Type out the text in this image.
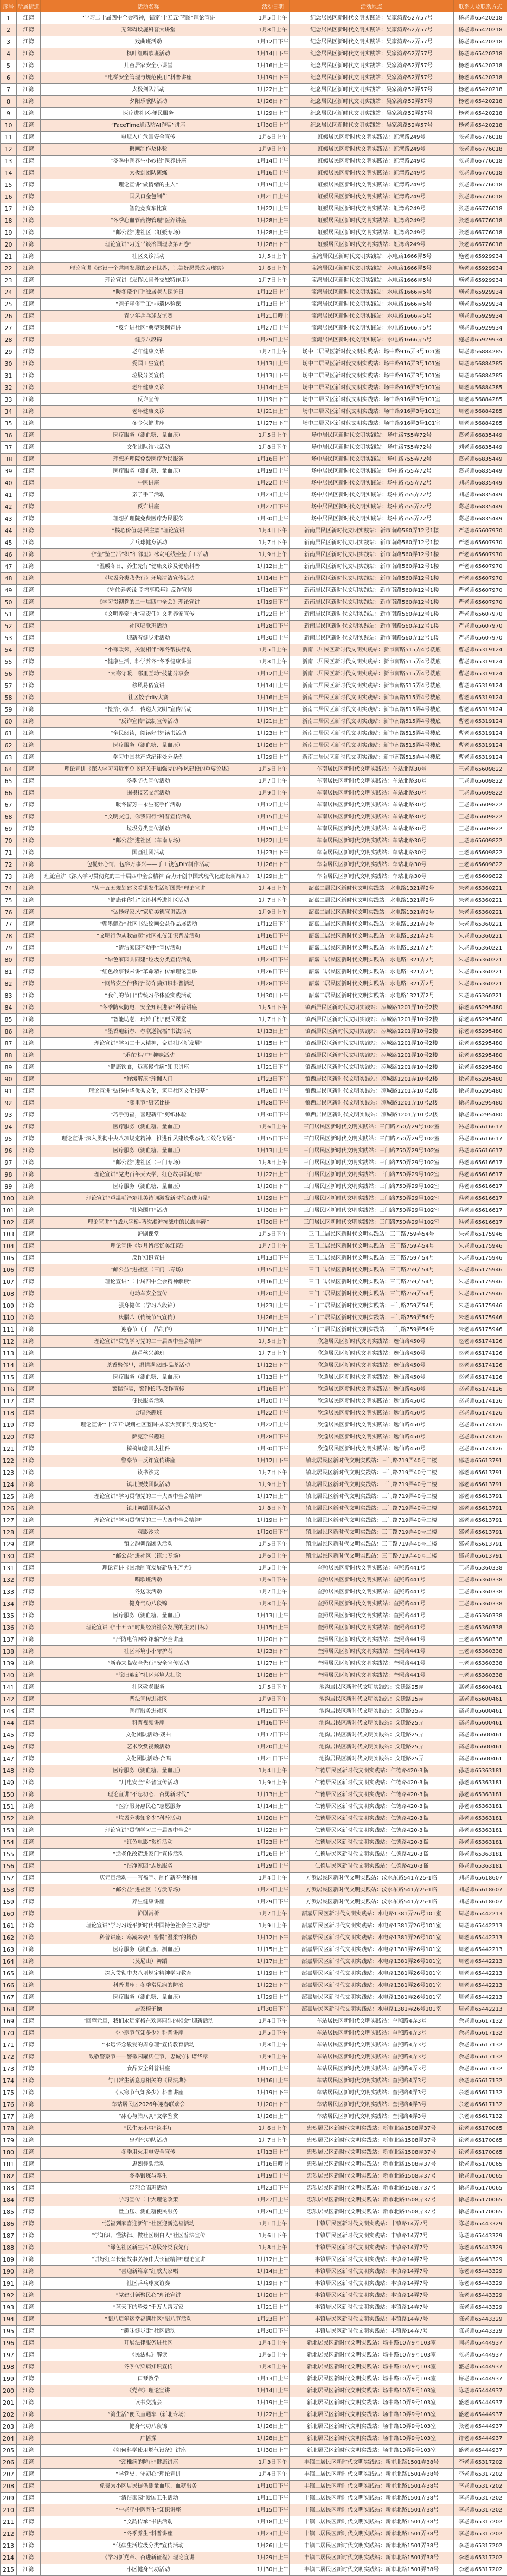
序号	所属街道	活动名称	活动日期	活动地点	联系人及联系方式
1	江湾	“学习二十届四中全会精神，锚定‘十五五’蓝图”理论宣讲	1月5日上午	纪念居民区新时代文明实践站：吴家湾路52弄57号	杨老师65420218
2	江湾	无障碍设施科普大讲堂	1月8日上午	纪念居民区新时代文明实践站：吴家湾路52弄57号	杨老师65420218
3	江湾	戏曲班活动	1月12日下午	纪念居民区新时代文明实践站：吴家湾路52弄57号	杨老师65420218
4	江湾	枫叶红唱歌班活动	1月14日下午	纪念居民区新时代文明实践站：吴家湾路52弄57号	杨老师65420218
5	江湾	儿童居家安全小课堂	1月16日上午	纪念居民区新时代文明实践站：吴家湾路52弄57号	杨老师65420218
6	江湾	“电梯安全管理与规范使用”科普讲座	1月19日下午	纪念居民区新时代文明实践站：吴家湾路52弄57号	杨老师65420218
7	江湾	太极剑队活动	1月22日上午	纪念居民区新时代文明实践站：吴家湾路52弄57号	杨老师65420218
8	江湾	夕阳乐歌队活动	1月26日下午	纪念居民区新时代文明实践站：吴家湾路52弄57号	杨老师65420218
9	江湾	医疗进社区-便民服务	1月29日上午	纪念居民区新时代文明实践站：吴家湾路52弄57号	杨老师65420218
10	江湾	“FaceTime通话防AI诈骗”讲座	1月30日上午	纪念居民区新时代文明实践站：吴家湾路52弄57号	杨老师65420218
11	江湾	电瓶入户危害安全宣传	1月6日上午	虹媛居民区新时代文明实践站：虹湾路249号	张老师66776018
12	江湾	糖画制作及体验	1月9日上午	虹媛居民区新时代文明实践站：虹湾路249号	张老师66776018
13	江湾	“冬季中医养生小妙招”医养讲座	1月14日上午	虹媛居民区新时代文明实践站：虹湾路249号	张老师66776018
14	江湾	太极剑团队演练	1月16日上午	虹媛居民区新时代文明实践站：虹湾路249号	张老师66776018
15	江湾	理论宣讲“做情绪的主人”	1月19日上午	虹媛居民区新时代文明实践站：虹湾路249号	张老师66776018
16	江湾	国风口金包制作	1月21日上午	虹媛居民区新时代文明实践站：虹湾路249号	张老师66776018
17	江湾	智能竞赛车比赛	1月22日上午	虹媛居民区新时代文明实践站：虹湾路249号	张老师66776018
18	江湾	“冬季心血管药物管理”医养讲座	1月28日上午	虹媛居民区新时代文明实践站：虹湾路249号	张老师66776018
19	江湾	“邮公益”进社区（虹媛专场）	1月28日上午	虹媛居民区新时代文明实践站：虹湾路249号	张老师66776018
20	江湾	理论宣讲“习近平谈治国理政第五卷”	1月28日下午	虹媛居民区新时代文明实践站：虹湾路249号	张老师66776018
21	江湾	社区义诊活动	1月5日上午	宝鸿居民区新时代文明实践站：水电路1666弄5号	施老师65929934
22	江湾	理论宣讲《建设一个共同发展的公正世界，让美好愿景成为现实》	1月6日上午	宝鸿居民区新时代文明实践站：水电路1666弄5号	施老师65929934
23	江湾	理论宣讲《发挥民间外交独特作用》	1月7日上午	宝鸿居民区新时代文明实践站：水电路1666弄5号	施老师65929934
24	江湾	“暖冬敲个门”独居老人探访日	1月12日上午	宝鸿居民区新时代文明实践站：水电路1666弄5号	施老师65929934
25	江湾	“亲子年俗手工”非遗体验课	1月13日上午	宝鸿居民区新时代文明实践站：水电路1666弄5号	施老师65929934
26	江湾	青少年乒乓球友谊赛	1月21日晚上	宝鸿居民区新时代文明实践站：水电路1666弄5号	施老师65929934
27	江湾	“反诈进社区”典型案例宣讲	1月27日上午	宝鸿居民区新时代文明实践站：水电路1666弄5号	施老师65929934
28	江湾	健身八段锦	1月29日上午	宝鸿居民区新时代文明实践站：水电路1666弄5号	施老师65929934
29	江湾	老年健康义诊	1月7日上午	场中二居民区新时代文明实践站：场中路916弄3号101室	周老师56884285
30	江湾	爱国卫生宣传	1月13日上午	场中二居民区新时代文明实践站：场中路916弄3号101室	周老师56884285
31	江湾	垃圾分类宣传	1月13日下午	场中二居民区新时代文明实践站：场中路916弄3号101室	周老师56884285
32	江湾	老年健康义诊	1月14日上午	场中二居民区新时代文明实践站：场中路916弄3号101室	周老师56884285
33	江湾	反诈宣传	1月19日下午	场中二居民区新时代文明实践站：场中路916弄3号101室	周老师56884285
34	江湾	老年健康义诊	1月21日上午	场中二居民区新时代文明实践站：场中路916弄3号101室	周老师56884285
35	江湾	冬令保健讲座	1月27日下午	场中二居民区新时代文明实践站：场中路916弄3号101室	周老师56884285
36	江湾	医疗服务（测血糖、量血压）	1月5日上午	场中居民区新时代文明实践站：场中路755弄72号	葛老师66835449
37	江湾	文化团队结业活动	1月8日下午	场中居民区新时代文明实践站：场中路755弄72号	刘老师66835449
38	江湾	理想护理院免费医疗为民服务	1月16日上午	场中居民区新时代文明实践站：场中路755弄72号	葛老师66835449
39	江湾	医疗服务（测血糖、量血压）	1月19日上午	场中居民区新时代文明实践站：场中路755弄72号	葛老师66835449
40	江湾	中医讲座	1月22日上午	场中居民区新时代文明实践站：场中路755弄72号	刘老师66835449
41	江湾	亲子手工活动	1月23日上午	场中居民区新时代文明实践站：场中路755弄72号	刘老师66835449
42	江湾	反诈讲座	1月27日下午	场中居民区新时代文明实践站：场中路755弄72号	葛老师66835449
43	江湾	理想护理院免费医疗为民服务	1月30日上午	场中居民区新时代文明实践站：场中路755弄72号	葛老师66835449
44	江湾	“核心价值观-民主篇”理论宣讲	1月4日下午	新南居民区新时代文明实践站：新市南路560弄12号1楼	严老师65607970
45	江湾	乒乓球健身活动	1月7日下午	新南居民区新时代文明实践站：新市南路560弄12号1楼	严老师65607970
46	江湾	《“垫”坠生活“织”汇邻里》冰岛毛线坐垫手工活动	1月9日上午	新南居民区新时代文明实践站：新市南路560弄12号1楼	严老师65607970
47	江湾	“温暖冬日，养生先行”健康义诊及健康科普	1月12日上午	新南居民区新时代文明实践站：新市南路560弄12号1楼	严老师65607970
48	江湾	《垃圾分类我先行》环境清洁宣传活动	1月14日上午	新南居民区新时代文明实践站：新市南路560弄12号1楼	严老师65607970
49	江湾	《守住养老钱 幸福享晚年》反诈宣传	1月16日下午	新南居民区新时代文明实践站：新市南路560弄12号1楼	严老师65607970
50	江湾	《学习贯彻党的二十届四中全会》理论宣讲	1月19日下午	新南居民区新时代文明实践站：新市南路560弄12号1楼	严老师65607970
51	江湾	《文明养宠“典”亮责任》文明养宠宣传	1月22日上午	新南居民区新时代文明实践站：新市南路560弄12号1楼	严老师65607970
52	江湾	社区唱歌班活动	1月28日下午	新南居民区新时代文明实践站：新市南路560弄12号1楼	严老师65607970
53	江湾	迎新春健步走活动	1月30日上午	新南居民区新时代文明实践站：新市南路560弄12号1楼	严老师65607970
54	江湾	“小寒暖邻，关爱相伴”寒冬帮扶行动	1月5日上午	新南二居民区新时代文明实践站：新市南路515弄4号楼底	曹老师65319124
55	江湾	“健康生活，科学养冬”冬季健康讲堂	1月8日上午	新南二居民区新时代文明实践站：新市南路515弄4号楼底	曹老师65319124
56	江湾	“大寒守暖，邻里互动”技能分享会	1月12日上午	新南二居民区新时代文明实践站：新市南路515弄4号楼底	曹老师65319124
57	江湾	移风易俗宣讲	1月14日上午	新南二居民区新时代文明实践站：新市南路515弄4号楼底	曹老师65319124
58	江湾	社区饺子diy大赛	1月16日上午	新南二居民区新时代文明实践站：新市南路515弄4号楼底	曹老师65319124
59	江湾	“捡拾小烟头，传递大文明”宣传活动	1月19日上午	新南二居民区新时代文明实践站：新市南路515弄4号楼底	曹老师65319124
60	江湾	“反诈宣传”法制宣传活动	1月21日上午	新南二居民区新时代文明实践站：新市南路515弄4号楼底	曹老师65319124
61	江湾	“全民阅读，阅读好书”读书活动	1月23日上午	新南二居民区新时代文明实践站：新市南路515弄4号楼底	曹老师65319124
62	江湾	医疗服务（测血糖、量血压）	1月26日上午	新南二居民区新时代文明实践站：新市南路515弄4号楼底	曹老师65319124
63	江湾	学习中国共产党纪律处分条例	1月29日上午	新南二居民区新时代文明实践站：新市南路515弄4号楼底	曹老师65319124
64	江湾	理论宣讲《深入学习习近平总书记关于加强党的作风建设的重要论述》	1月5日上午	车南居民区新时代文明实践站：车站北路30号	王老师65609822
65	江湾	冬季防火宣传活动	1月7日上午	车南居民区新时代文明实践站：车站北路30号	王老师65609822
66	江湾	围棋技艺交流活动	1月9日上午	车南居民区新时代文明实践站：车站北路30号	王老师65609822
67	江湾	暖冬留芳—永生花手作活动	1月12日上午	车南居民区新时代文明实践站：车站北路30号	王老师65609822
68	江湾	“文明交通，你我同行”科普宣传活动	1月15日上午	车南居民区新时代文明实践站：车站北路30号	王老师65609822
69	江湾	垃圾分类宣传活动	1月19日上午	车南居民区新时代文明实践站：车站北路30号	王老师65609822
70	江湾	“邮公益”进社区（车南专场）	1月22日上午	车南居民区新时代文明实践站：车站北路30号	王老师65609822
71	江湾	国画社团活动	1月23日下午	车南居民区新时代文明实践站：车站北路30号	王老师65609822
72	江湾	包揽好心情，包容万事兴——手工钱包DIY制作活动	1月26日下午	车南居民区新时代文明实践站：车站北路30号	王老师65609822
73	江湾	理论宣讲《深入学习贯彻党的二十届四中全会精神 奋力开创中国式现代化建设新局面》	1月29日上午	车南居民区新时代文明实践站：车站北路30号	王老师65609822
74	江湾	“从十五五规划建议看银发生活新图景”理论宣讲	1月4日上午	韶嘉二居民区新时代文明实践站：水电路1321弄2号	朱老师65360221
75	江湾	“健康伴你行”义诊科普进社区活动	1月7日下午	韶嘉二居民区新时代文明实践站：水电路1321弄2号	朱老师65360221
76	江湾	“弘扬好家风”家庭美德宣讲活动	1月9日上午	韶嘉二居民区新时代文明实践站：水电路1321弄2号	朱老师65360221
77	江湾	“翰墨飘香”社区书法绘画公益作品展活动	1月12日下午	韶嘉二居民区新时代文明实践站：水电路1321弄2号	朱老师65360221
78	江湾	“文明行为从我做起”社区礼仪知识普及活动	1月16日下午	韶嘉二居民区新时代文明实践站：水电路1321弄2号	朱老师65360221
79	江湾	“清洁家园齐动手”宣传活动	1月20日上午	韶嘉二居民区新时代文明实践站：水电路1321弄2号	朱老师65360221
80	江湾	“绿色家园共同建”垃圾分类宣传活动	1月23日下午	韶嘉二居民区新时代文明实践站：水电路1321弄2号	朱老师65360221
81	江湾	“红色故事我来讲”革命精神传承理论宣讲	1月26日下午	韶嘉二居民区新时代文明实践站：水电路1321弄2号	朱老师65360221
82	江湾	“网络安全伴我行”防诈骗知识科普活动	1月28日下午	韶嘉二居民区新时代文明实践站：水电路1321弄2号	朱老师65360221
83	江湾	“我们的节日”传统习俗体验实践活动	1月30日下午	韶嘉二居民区新时代文明实践站：水电路1321弄2号	朱老师65360221
84	江湾	“冬季防火防电，安全知识进家”科普讲座	1月5日下午	镇西居民区新时代文明实践站：凉城路1201弄10号2楼	徐老师65295480
85	江湾	“智能助老，玩转手机”便民课堂	1月7日下午	镇西居民区新时代文明实践站：凉城路1201弄10号2楼	徐老师65295480
86	江湾	“墨香迎新春，春联送祝福”书法活动	1月13日上午	镇西居民区新时代文明实践站：凉城路1201弄10号2楼	徐老师65295480
87	江湾	理论宣讲“学习二十大精神，奋进社区新发展”	1月15日上午	镇西居民区新时代文明实践站：凉城路1201弄10号2楼	徐老师65295480
88	江湾	“乐在‘棋’中”趣味活动	1月19日上午	镇西居民区新时代文明实践站：凉城路1201弄10号2楼	徐老师65295480
89	江湾	“健康饮食，远离慢性病”知识讲座	1月21日下午	镇西居民区新时代文明实践站：凉城路1201弄10号2楼	徐老师65295480
90	江湾	“舒缓解压”瑜伽入门	1月23日下午	镇西居民区新时代文明实践站：凉城路1201弄10号2楼	徐老师65295480
91	江湾	理论宣讲“弘扬中华优秀文化，筑牢社区文化根基”	1月26日上午	镇西居民区新时代文明实践站：凉城路1201弄10号2楼	徐老师65295480
92	江湾	“邻里节”厨艺比拼	1月28日下午	镇西居民区新时代文明实践站：凉城路1201弄10号2楼	徐老师65295480
93	江湾	“巧手剪福，喜迎新年”剪纸体验	1月30日下午	镇西居民区新时代文明实践站：凉城路1201弄10号2楼	徐老师65295480
94	江湾	医疗服务（测血糖、量血压）	1月6日上午	三门居民区新时代文明实践站：三门路750弄29号102室	冯老师65616617
95	江湾	理论宣讲“深入贯彻中央八项规定精神，推进作风建设常态化长效化专题”	1月15日下午	三门居民区新时代文明实践站：三门路750弄29号102室	冯老师65616617
96	江湾	医疗服务（测血糖、量血压）	1月13日上午	三门居民区新时代文明实践站：三门路750弄29号102室	冯老师65616617
97	江湾	“邮公益”进社区（三门专场）	1月8日上午	三门居民区新时代文明实践站：三门路750弄29号102室	冯老师65616617
98	江湾	理论宣讲“党史百年天天学，红色故事润心扉”	1月22日上午	三门居民区新时代文明实践站：三门路750弄29号102室	冯老师65616617
99	江湾	医疗服务（测血糖、量血压）	1月20日下午	三门居民区新时代文明实践站：三门路750弄29号102室	冯老师65616617
100	江湾	理论宣讲“重温毛泽东壮美诗词激发新时代奋进力量”	1月29日上午	三门居民区新时代文明实践站：三门路750弄29号102室	冯老师65616617
101	江湾	“扎染围巾”活动	1月30日上午	三门居民区新时代文明实践站：三门路750弄29号102室	冯老师65616617
102	江湾	理论宣讲“血战八字桥-两次淞沪抗战中的民族丰碑”	1月30日上午	三门居民区新时代文明实践站：三门路750弄29号102室	冯老师65616617
103	江湾	沪剧课堂	1月5日下午	三门二居民区新时代文明实践站：三门路759弄54号	朱老师65175946
104	江湾	理论宣讲《岁月留痕忆美江湾》	1月7日上午	三门二居民区新时代文明实践站：三门路759弄54号	朱老师65175946
105	江湾	反诈知识宣讲	1月13日下午	三门二居民区新时代文明实践站：三门路759弄54号	朱老师65175946
106	江湾	“邮公益”进社区（三门二专场）	1月15日上午	三门二居民区新时代文明实践站：三门路759弄54号	朱老师65175946
107	江湾	理论宣讲“二十届四中全会精神解读”	1月16日上午	三门二居民区新时代文明实践站：三门路759弄54号	朱老师65175946
108	江湾	电动车安全宣传	1月20日上午	三门二居民区新时代文明实践站：三门路759弄54号	朱老师65175946
109	江湾	强身健体（学习八段锦）	1月23日上午	三门二居民区新时代文明实践站：三门路759弄54号	朱老师65175946
110	江湾	庆腊八（传统节气宣传）	1月26日上午	三门二居民区新时代文明实践站：三门路759弄54号	朱老师65175946
111	江湾	迎春节（手工品制作）	1月30日上午	三门二居民区新时代文明实践站：三门路759弄54号	朱老师65175946
112	江湾	理论宣讲“贯彻学习党的二十届四中全会精神”	1月5日上午	欣逸居民区新时代文明实践站：逸仙路450号	赵老师65174126
113	江湾	葫芦丝兴趣班	1月7日上午	欣逸居民区新时代文明实践站：逸仙路450号	赵老师65174126
114	江湾	茶香聚邻里，温情满家园-品茶活动	1月12日下午	欣逸居民区新时代文明实践站：逸仙路450号	赵老师65174126
115	江湾	医疗服务（测血糖、量血压）	1月13日上午	欣逸居民区新时代文明实践站：逸仙路450号	赵老师65174126
116	江湾	警惕诈骗，警钟长鸣-反诈宣传	1月16日上午	欣逸居民区新时代文明实践站：逸仙路450号	赵老师65174126
117	江湾	便民服务活动	1月20日上午	欣逸居民区新时代文明实践站：逸仙路450号	赵老师65174126
118	江湾	合唱兴趣班	1月22日上午	欣逸居民区新时代文明实践站：逸仙路450号	赵老师65174126
119	江湾	理论宣讲“‘十五五’规划社区蓝图-从宏大叙事到身边变化”	1月22日上午	欣逸居民区新时代文明实践站：逸仙路450号	赵老师65174126
120	江湾	萨克斯兴趣班	1月28日下午	欣逸居民区新时代文明实践站：逸仙路450号	赵老师65174126
121	江湾	椅椅加意真皮挂件	1月30日下午	欣逸居民区新时代文明实践站：逸仙路450号	赵老师65174126
122	江湾	警察节—反诈宣传讲座	1月12日下午	镇北居民区新时代文明实践站：三门路719弄40号二楼	邵老师65613791
123	江湾	读书沙龙	1月7日下午	镇北居民区新时代文明实践站：三门路719弄40号二楼	邵老师65613791
124	江湾	镇北腰鼓团队活动	1月9日上午	镇北居民区新时代文明实践站：三门路719弄40号二楼	邵老师65613791
125	江湾	理论宣讲“学习贯彻党的二十大四中全会精神”	1月17日上午	镇北居民区新时代文明实践站：三门路719弄40号二楼	邵老师65613791
126	江湾	镇北舞蹈团队活动	1月8日下午	镇北居民区新时代文明实践站：三门路719弄40号二楼	邵老师65613791
127	江湾	理论宣讲“学习贯彻党的二十大四中全会精神”	1月19日上午	镇北居民区新时代文明实践站：三门路719弄40号二楼	邵老师65613791
128	江湾	观影沙龙	1月20日下午	镇北居民区新时代文明实践站：三门路719弄40号二楼	邵老师65613791
129	江湾	镇之韵舞蹈团队活动	1月5日下午	镇北居民区新时代文明实践站：三门路719弄40号二楼	邵老师65613791
130	江湾	“邮公益”进社区（镇北专场）	1月6日上午	镇北居民区新时代文明实践站：三门路719弄40号二楼	邵老师65613791
131	江湾	理论宣讲《因地制宜发展新质生产力》	1月5日上午	奎照居民区新时代文明实践站：奎照路441号	王老师65360338
132	江湾	唱歌班活动	1月6日下午	奎照居民区新时代文明实践站：奎照路441号	王老师65360338
133	江湾	冬送暖活动	1月7日上午	奎照居民区新时代文明实践站：奎照路441号	王老师65360338
134	江湾	健身气功八段锦	1月8日上午	奎照居民区新时代文明实践站：奎照路441号	王老师65360338
135	江湾	医疗服务（测血糖、量血压）	1月13日上午	奎照居民区新时代文明实践站：奎照路441号	王老师65360338
136	江湾	理论宣讲《“十五五”时期经济社会发展的主要目标》	1月15日上午	奎照居民区新时代文明实践站：奎照路441号	王老师65360338
137	江湾	“严防电信网络诈骗”安全讲座	1月20日下午	奎照居民区新时代文明实践站：奎照路441号	王老师65360338
138	江湾	社区环境小小守护者	1月23日下午	奎照居民区新时代文明实践站：奎照路441号	王老师65360338
139	江湾	“新春来临安全先行”安全宣传活动	1月27日上午	奎照居民区新时代文明实践站：奎照路441号	王老师65360338
140	江湾	“除旧迎新”社区环境大扫除	1月28日上午	奎照居民区新时代文明实践站：奎照路441号	王老师65360338
141	江湾	社区敬老服务	1月5日下午	池沟居民区新时代文明实践站：文迁路25弄	高老师65600461
142	江湾	普法宣传进社区	1月9日下午	池沟居民区新时代文明实践站：文迁路25弄	高老师65600461
143	江湾	医疗服务进社区	1月15日下午	池沟居民区新时代文明实践站：文迁路25弄	高老师65600461
144	江湾	科普视频讲座	1月16日下午	池沟居民区新时代文明实践站：文迁路25弄	高老师65600461
145	江湾	文化团队活动-戏曲	1月17日下午	池沟居民区新时代文明实践站：文迁路25弄	高老师65600461
146	江湾	艺术欣赏视频活动	1月20日上午	池沟居民区新时代文明实践站：文迁路25弄	高老师65600461
147	江湾	文化团队活动-合唱	1月21日下午	池沟居民区新时代文明实践站：文迁路25弄	高老师65600461
148	江湾	医疗服务（测血糖、量血压）	1月4日上午	仁德居民区新时代文明实践站：仁德路420-3临	孙老师65363181
149	江湾	“用电安全”科普宣传活动	1月9日上午	仁德居民区新时代文明实践站：仁德路420-3临	孙老师65363181
150	江湾	理论宣讲“不忘初心，奋勇新时代”	1月13日上午	仁德居民区新时代文明实践站：仁德路420-3临	孙老师65363181
151	江湾	“医疗服务惠民心”志愿服务	1月14日上午	仁德居民区新时代文明实践站：仁德路420-3临	孙老师65363181
152	江湾	“垃圾分类知多少”科普活动	1月20日上午	仁德居民区新时代文明实践站：仁德路420-3临	孙老师65363181
153	江湾	理论宣讲“贯彻学习二十届四中全会”	1月22日上午	仁德居民区新时代文明实践站：仁德路420-3临	孙老师65363181
154	江湾	“红色电影”赏析活动	1月23日上午	仁德居民区新时代文明实践站：仁德路420-3临	孙老师65363181
155	江湾	“适老化改造进家门”宣传活动	1月26日上午	仁德居民区新时代文明实践站：仁德路420-3临	孙老师65363181
156	江湾	“洁净家园”志愿服务	1月29日上午	仁德居民区新时代文明实践站：仁德路420-3临	孙老师65363181
157	江湾	庆元旦活动——写福字、制作新春抱抱桶	1月4日上午	方浜居民区新时代文明实践站：汶水东路541弄25-1临	刘老师65618607
158	江湾	“邮公益”进社区（方浜专场）	1月23日上午	方浜居民区新时代文明实践站：汶水东路541弄25-1临	刘老师65618607
159	江湾	养生健康讲座	1月29日下午	方浜居民区新时代文明实践站：汶水东路541弄25-1临	刘老师65618607
160	江湾	沪剧赏析	1月7日上午	韶嘉居民区新时代文明实践站：水电路1381弄26号101室	周老师65442213
161	江湾	理论宣讲“学习习近平新时代中国特色社会主义思想”	1月9日上午	韶嘉居民区新时代文明实践站：水电路1381弄26号101室	周老师65442213
162	江湾	科普讲座：寒潮来袭！警惕“温柔”的烫伤	1月12日下午	韶嘉居民区新时代文明实践站：水电路1381弄26号101室	周老师65442213
163	江湾	医疗服务（测血压、测血压）	1月15日上午	韶嘉居民区新时代文明实践站：水电路1381弄26号101室	周老师65442213
164	江湾	（莫尼山）舞蹈	1月17日上午	韶嘉居民区新时代文明实践站：水电路1381弄26号101室	周老师65442213
165	江湾	深入贯彻中央八项规定精神学习教育	1月19日上午	韶嘉居民区新时代文明实践站：水电路1381弄26号101室	周老师65442213
166	江湾	科普讲座：冬季常见病的防治	1月22日下午	韶嘉居民区新时代文明实践站：水电路1381弄26号101室	周老师65442213
167	江湾	医疗服务（测血糖、量血压）	1月29日上午	韶嘉居民区新时代文明实践站：水电路1381弄26号101室	周老师65442213
168	江湾	居家椅子操	1月30日下午	韶嘉居民区新时代文明实践站：水电路1381弄26号101室	周老师65442213
169	江湾	“回望元旦，我们永远定格在欢喜同乐的相会”迎新活动	1月4日下午	车站居民区新时代文明实践站：奎照路4弄3号	余老师65617132
170	江湾	《小寒节气知多少》科普讲座	1月5日下午	车站居民区新时代文明实践站：奎照路4弄3号	余老师65617132
171	江湾	“永远怀念敬爱的周总理”宣传教育活动	1月8日上午	车站居民区新时代文明实践站：奎照路4弄3号	余老师65617132
172	江湾	致敬警察节——警徽闪耀庆佳节，忠诚守护谱华章	1月9日上午	车站居民区新时代文明实践站：奎照路4弄3号	余老师65617132
173	江湾	食品安全科普讲座	1月12日上午	车站居民区新时代文明实践站：奎照路4弄3号	余老师65617132
174	江湾	与日常生活息息相关的《民法典》	1月16日上午	车站居民区新时代文明实践站：奎照路4弄3号	余老师65617132
175	江湾	《大寒节气知多少》科普讲座	1月19日下午	车站居民区新时代文明实践站：奎照路4弄3号	余老师65617132
176	江湾	车站居民区2026年迎春联欢会	1月20日下午	车站居民区新时代文明实践站：奎照路4弄3号	余老师65617132
177	江湾	“冰心与腊八粥”文学鉴赏	1月26日上午	车站居民区新时代文明实践站：奎照路4弄3号	余老师65617132
178	江湾	“民生无小事”议事厅	1月6日上午	忠烈居民区新时代文明实践站：新市北路1508弄37号	徐老师65170065
179	江湾	忠烈气功队活动	1月7日上午	忠烈居民区新时代文明实践站：新市北路1508弄37号	徐老师65170065
180	江湾	冬季用火用电安全宣传	1月13日上午	忠烈居民区新时代文明实践站：新市北路1508弄37号	徐老师65170065
181	江湾	忠烈舞韵活动	1月16日晚上	忠烈居民区新时代文明实践站：新市北路1508弄37号	徐老师65170065
182	江湾	冬季锻炼与养生	1月19日上午	忠烈居民区新时代文明实践站：新市北路1508弄37号	徐老师65170065
183	江湾	忠烈合唱班活动	1月23日下午	忠烈居民区新时代文明实践站：新市北路1508弄37号	徐老师65170065
184	江湾	学习宣传二十大理论政策	1月27日上午	忠烈居民区新时代文明实践站：新市北路1508弄37号	徐老师65170065
185	江湾	量血压、测血糖便民服务	1月29日上午	忠烈居民区新时代文明实践站：新市北路1508弄37号	徐老师65170065
186	江湾	“送福到家喜迎新年”社区迎新送福活动	1月1日上午	丰镇居民区新时代文明实践站：丰镇路14弄7号	陈老师65443329
187	江湾	“学知识、懂法律、做社区明白人”社区普法宣传	1月6日下午	丰镇居民区新时代文明实践站：丰镇路14弄7号	陈老师65443329
188	江湾	“绿色社区新生活”垃圾分类我先行	1月8日上午	丰镇居民区新时代文明实践站：丰镇路14弄7号	陈老师65443329
189	江湾	“讲好红军长征故事弘扬伟大长征精神”理论宣讲	1月12日上午	丰镇居民区新时代文明实践站：丰镇路14弄7号	陈老师65443329
190	江湾	“喜迎新篇章”红歌大家唱	1月14日上午	丰镇居民区新时代文明实践站：丰镇路14弄7号	陈老师65443329
191	江湾	社区乒乓球友谊赛	1月19日下午	丰镇居民区新时代文明实践站：丰镇路14弄7号	陈老师65443329
192	江湾	“党建引领聚民心”理论宣讲	1月20日上午	丰镇居民区新时代文明实践站：丰镇路14弄7号	陈老师65443329
193	江湾	“蓝天下的挚爱”千万人帮万家	1月21日上午	丰镇居民区新时代文明实践站：丰镇路14弄7号	陈老师65443329
194	江湾	“腊八启年运幸福满社区”腊八节活动	1月23日上午	丰镇居民区新时代文明实践站：丰镇路14弄7号	陈老师65443329
195	江湾	“趣味健步走”社区活动	1月30日下午	丰镇居民区新时代文明实践站：丰镇路14弄7号	陈老师65443329
196	江湾	开展法律服务进社区	1月4日上午	新北居民区新时代文明实践站：场中路10弄9号103室	闫老师65444937
197	江湾	《民法典》解读	1月6日上午	新北居民区新时代文明实践站：场中路10弄9号103室	张老师65444937
198	江湾	冬季传染病知识宣传	1月8日上午	新北居民区新时代文明实践站：场中路10弄9号103室	盛老师65444937
199	江湾	口琴教学	1月13日上午	新北居民区新时代文明实践站：场中路10弄9号103室	许老师65444937
200	江湾	《党章》理论宣讲	1月14日上午	新北居民区新时代文明实践站：场中路10弄9号103室	陈老师65444937
201	江湾	读书交流会	1月19日上午	新北居民区新时代文明实践站：场中路10弄9号103室	盛老师65444937
202	江湾	“湾生活”便民直通车（新北专场）	1月22日上午	新北居民区新时代文明实践站：场中路10弄9号103室	盛老师65444937
203	江湾	健身气功八段锦	1月26日上午	新北居民区新时代文明实践站：场中路10弄9号103室	张老师65444937
204	江湾	广播操	1月28日上午	新北居民区新时代文明实践站：场中路10弄9号103室	许老师65444937
205	江湾	《如何科学使用燃气设备》讲座	1月30日上午	新北居民区新时代文明实践站：场中路10弄9号103室	盛老师65444937
206	江湾	“颈椎病的防止”健康讲座	1月3日下午	丰镇二居民区新时代文明实践站：新市北路1501弄38号	李老师65317202
207	江湾	“学党史、守初心”理论宣讲	1月4日下午	丰镇二居民区新时代文明实践站：新市北路1501弄38号	李老师65317202
208	江湾	免费为小区居民提供测量血压、血糖服务	1月10日下午	丰镇二居民区新时代文明实践站：新市北路1501弄38号	李老师65317202
209	江湾	“清洁家园”爱国卫生活动	1月11日下午	丰镇二居民区新时代文明实践站：新市北路1501弄38号	李老师65317202
210	江湾	“中老年中医养生”知识讲座	1月15日下午	丰镇二居民区新时代文明实践站：新市北路1501弄38号	李老师65317202
211	江湾	“文韵传承”书法活动	1月18日上午	丰镇二居民区新时代文明实践站：新市北路1501弄38号	李老师65317202
212	江湾	“冬季养生”科普讲座	1月23日上午	丰镇二居民区新时代文明实践站：新市北路1501弄38号	李老师65317202
213	江湾	“低碳生活垃圾分类”宣传活动	1月26日上午	丰镇二居民区新时代文明实践站：新市北路1501弄38号	李老师65317202
214	江湾	《学习新党章、奋进新征程》理论宣讲	1月29日上午	丰镇二居民区新时代文明实践站：新市北路1501弄38号	李老师65317202
215	江湾	小区健身气功活动	1月30日上午	丰镇二居民区新时代文明实践站：新市北路1501弄38号	李老师65317202
